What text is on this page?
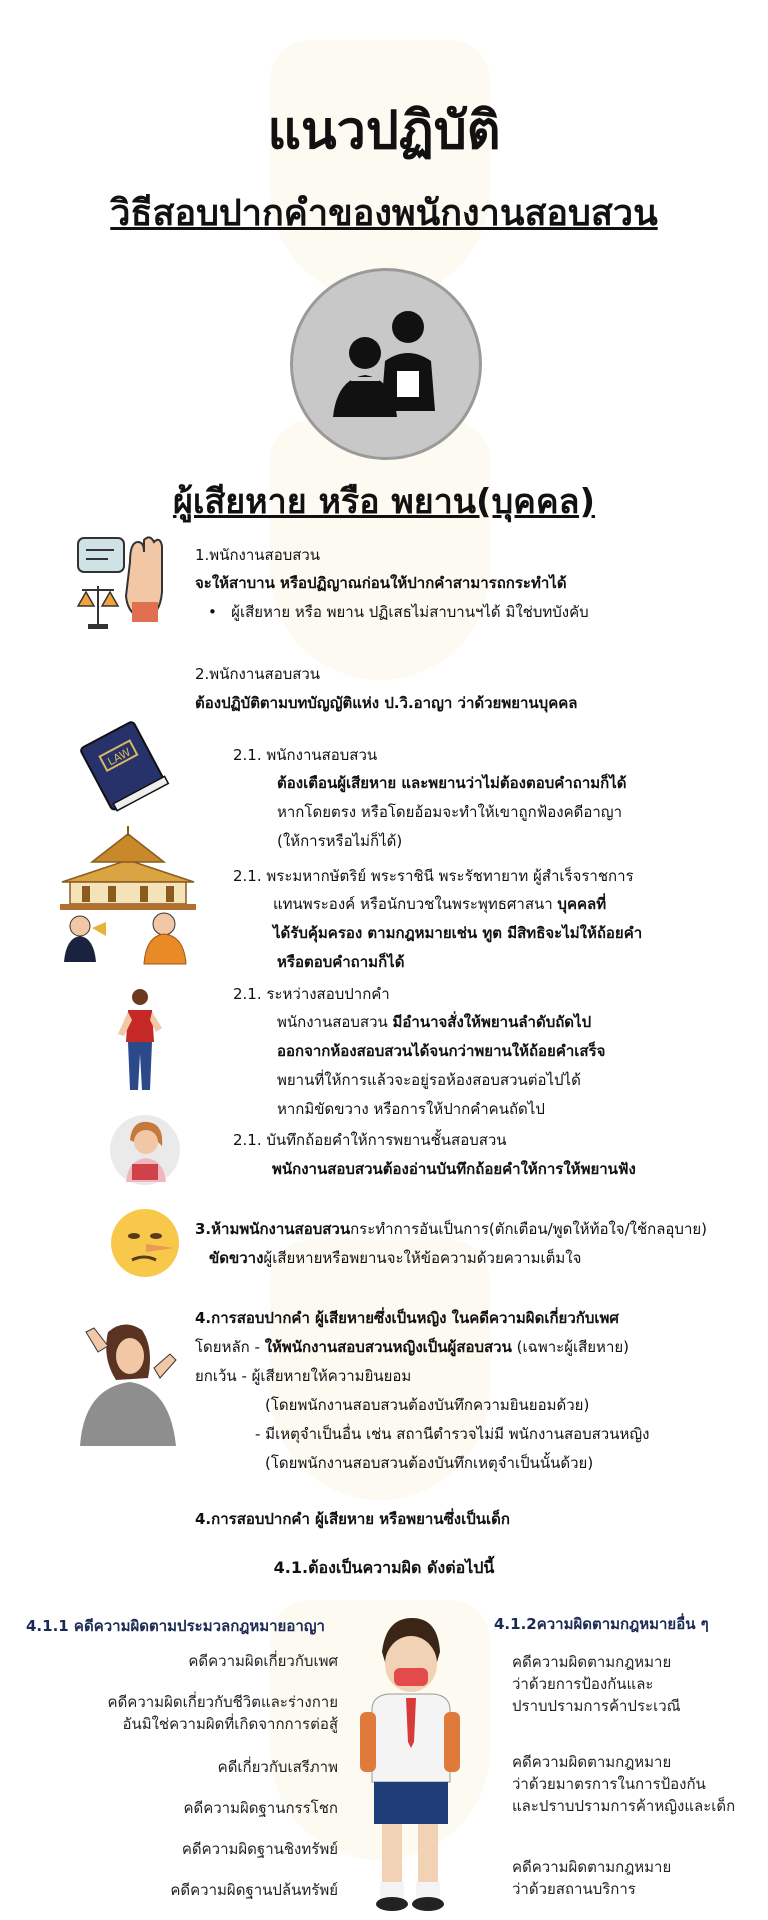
แนวปฏิบัติ
วิธีสอบปากคำของพนักงานสอบสวน
ผู้เสียหาย หรือ พยาน(บุคคล)
1.พนักงานสอบสวน
จะให้สาบาน หรือปฏิญาณก่อนให้ปากคำสามารถกระทำได้
•   ผู้เสียหาย หรือ พยาน ปฏิเสธไม่สาบานฯได้ มิใช่บทบังคับ
2.พนักงานสอบสวน
ต้องปฏิบัติตามบทบัญญัติแห่ง ป.วิ.อาญา ว่าด้วยพยานบุคคล
LAW	2.1. พนักงานสอบสวน
ต้องเตือนผู้เสียหาย และพยานว่าไม่ต้องตอบคำถามก็ได้
หากโดยตรง หรือโดยอ้อมจะทำให้เขาถูกฟ้องคดีอาญา
(ให้การหรือไม่ก็ได้)
2.1. พระมหากษัตริย์ พระราชินี พระรัชทายาท ผู้สำเร็จราชการ
แทนพระองค์ หรือนักบวชในพระพุทธศาสนา บุคคลที่
ได้รับคุ้มครอง ตามกฎหมายเช่น ทูต มีสิทธิจะไม่ให้ถ้อยคำ
หรือตอบคำถามก็ได้
2.1. ระหว่างสอบปากคำ
พนักงานสอบสวน มีอำนาจสั่งให้พยานลำดับถัดไป
ออกจากห้องสอบสวนได้จนกว่าพยานให้ถ้อยคำเสร็จ
พยานที่ให้การแล้วจะอยู่รอห้องสอบสวนต่อไปได้
หากมิขัดขวาง หรือการให้ปากคำคนถัดไป
2.1. บันทึกถ้อยคำให้การพยานชั้นสอบสวน
พนักงานสอบสวนต้องอ่านบันทึกถ้อยคำให้การให้พยานฟัง
3.ห้ามพนักงานสอบสวนกระทำการอันเป็นการ(ตักเตือน/พูดให้ท้อใจ/ใช้กลอุบาย)
ขัดขวางผู้เสียหายหรือพยานจะให้ข้อความด้วยความเต็มใจ
4.การสอบปากคำ ผู้เสียหายซึ่งเป็นหญิง ในคดีความผิดเกี่ยวกับเพศ
โดยหลัก - ให้พนักงานสอบสวนหญิงเป็นผู้สอบสวน (เฉพาะผู้เสียหาย)
ยกเว้น - ผู้เสียหายให้ความยินยอม
(โดยพนักงานสอบสวนต้องบันทึกความยินยอมด้วย)
- มีเหตุจำเป็นอื่น เช่น สถานีตำรวจไม่มี พนักงานสอบสวนหญิง
(โดยพนักงานสอบสวนต้องบันทึกเหตุจำเป็นนั้นด้วย)
4.การสอบปากคำ ผู้เสียหาย หรือพยานซึ่งเป็นเด็ก
4.1.ต้องเป็นความผิด ดังต่อไปนี้
4.1.1 คดีความผิดตามประมวลกฎหมายอาญา
คดีความผิดเกี่ยวกับเพศ
คดีความผิดเกี่ยวกับชีวิตและร่างกาย
อันมิใช่ความผิดที่เกิดจากการต่อสู้
คดีเกี่ยวกับเสรีภาพ
คดีความผิดฐานกรรโชก
คดีความผิดฐานชิงทรัพย์
คดีความผิดฐานปล้นทรัพย์
4.1.2ความผิดตามกฎหมายอื่น ๆ
คดีความผิดตามกฎหมาย
ว่าด้วยการป้องกันและ
ปราบปรามการค้าประเวณี
คดีความผิดตามกฎหมาย
ว่าด้วยมาตรการในการป้องกัน
และปราบปรามการค้าหญิงและเด็ก
คดีความผิดตามกฎหมาย
ว่าด้วยสถานบริการ
